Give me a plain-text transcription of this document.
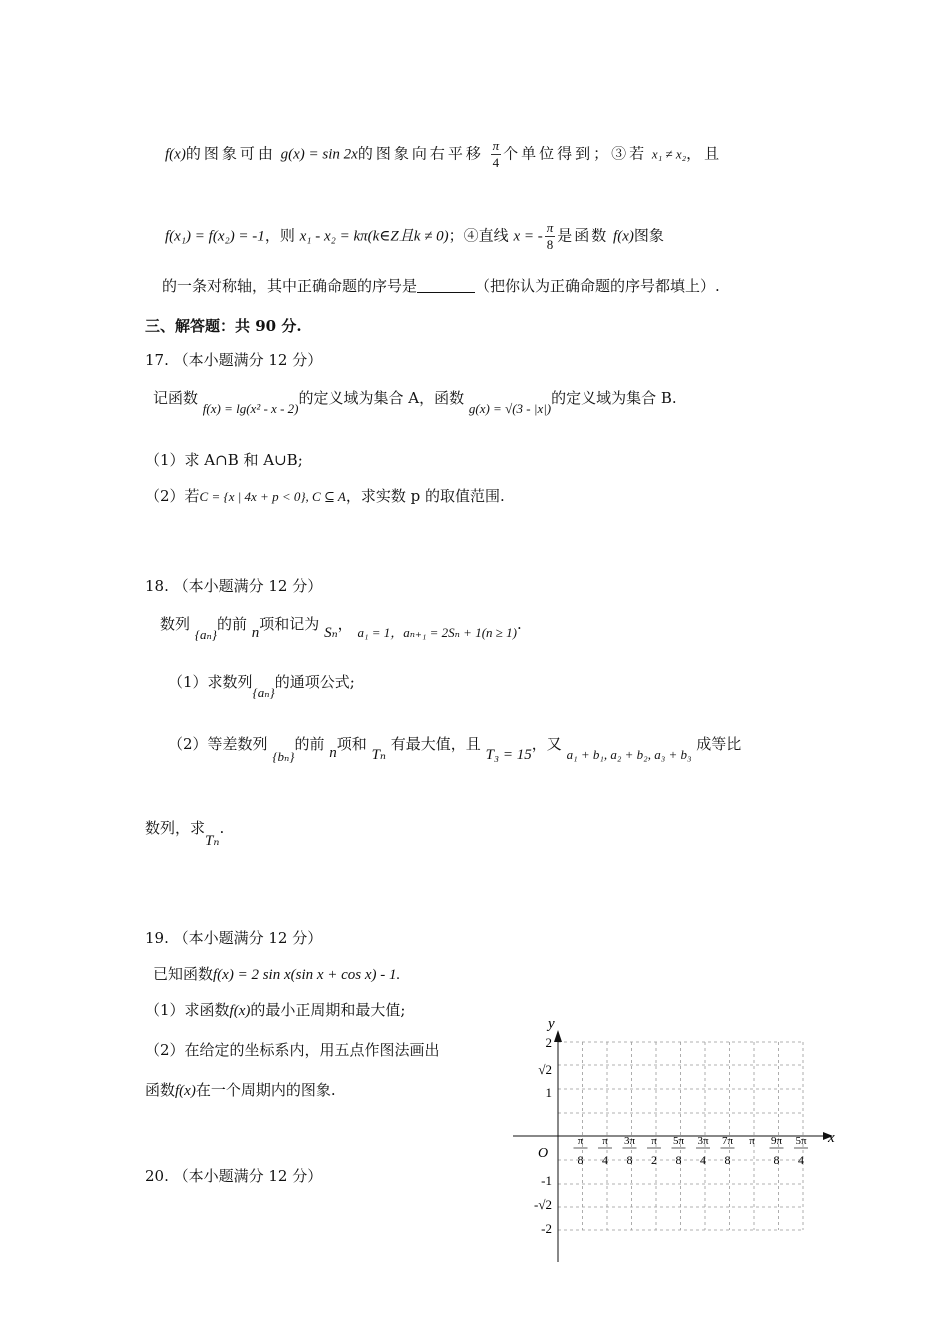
f(x)的图象可由 g(x) = sin 2x的图象向右平移 $\frac{\pi}{4}$ 个单位得到；③若 x₁ ≠ x₂，且
f(x₁) = f(x₂) = -1，则 x₁ - x₂ = kπ(k∈Z且k ≠ 0)；④直线 x = - $\frac{\pi}{8}$ 是函数 f(x)图象
的一条对称轴，其中正确命题的序号是	（把你认为正确命题的序号都填上）.
三、解答题：共 90 分.
17. （本小题满分 12 分）
记函数 f(x) = lg(x² - x - 2)的定义域为集合 A，函数 g(x) = √(3 - |x|)的定义域为集合 B.
（1）求 A∩B 和 A∪B;
（2）若C = {x | 4x + p < 0}, C ⊆ A，求实数 p 的取值范围.
18. （本小题满分 12 分）
数列 {aₙ}的前 n项和记为 Sₙ， a₁ = 1，aₙ₊₁ = 2Sₙ + 1(n ≥ 1).
（1）求数列{aₙ}的通项公式;
（2）等差数列 {bₙ}的前 n项和 Tₙ 有最大值，且 T₃ = 15，又 a₁ + b₁, a₂ + b₂, a₃ + b₃ 成等比
数列，求Tₙ.
19. （本小题满分 12 分）
已知函数f(x) = 2 sin x(sin x + cos x) - 1.
（1）求函数f(x)的最小正周期和最大值;
（2）在给定的坐标系内，用五点作图法画出
函数f(x)在一个周期内的图象.
20. （本小题满分 12 分）
x
y
O
2
√2
1
-1
-√2
-2
π
8
π
4
3π
8
π
2
5π
8
3π
4
7π
8
π 9π
8
5π
4
